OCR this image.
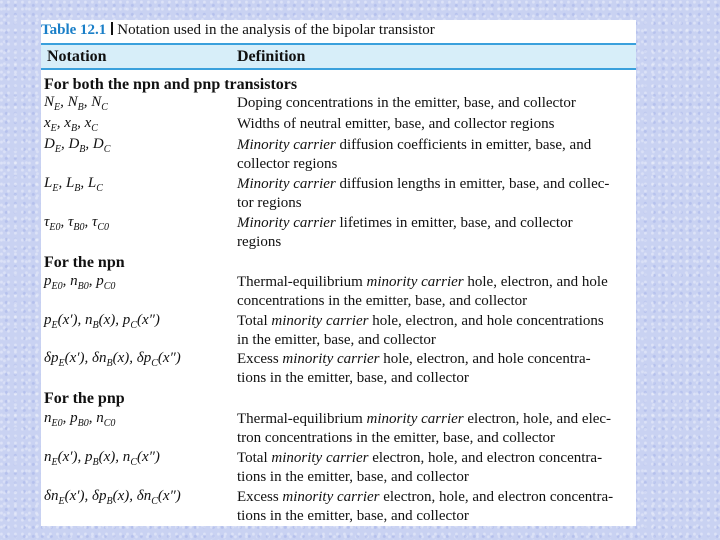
Table 12.1 Notation used in the analysis of the bipolar transistor
Notation	Definition
For both the npn and pnp transistors
$N_E$, $N_B$, $N_C$	Doping concentrations in the emitter, base, and collector
$x_E$, $x_B$, $x_C$	Widths of neutral emitter, base, and collector regions
$D_E$, $D_B$, $D_C$	Minority carrier diffusion coefficients in emitter, base, and
collector regions
$L_E$, $L_B$, $L_C$	Minority carrier diffusion lengths in emitter, base, and collec-
tor regions
$\tau_{E0}$, $\tau_{B0}$, $\tau_{C0}$	Minority carrier lifetimes in emitter, base, and collector
regions
For the npn
$p_{E0}$, $n_{B0}$, $p_{C0}$	Thermal-equilibrium minority carrier hole, electron, and hole
concentrations in the emitter, base, and collector
$p_E(x')$, $n_B(x)$, $p_C(x'')$	Total minority carrier hole, electron, and hole concentrations
in the emitter, base, and collector
$\delta p_E(x')$, $\delta n_B(x)$, $\delta p_C(x'')$	Excess minority carrier hole, electron, and hole concentra-
tions in the emitter, base, and collector
For the pnp
$n_{E0}$, $p_{B0}$, $n_{C0}$	Thermal-equilibrium minority carrier electron, hole, and elec-
tron concentrations in the emitter, base, and collector
$n_E(x')$, $p_B(x)$, $n_C(x'')$	Total minority carrier electron, hole, and electron concentra-
tions in the emitter, base, and collector
$\delta n_E(x')$, $\delta p_B(x)$, $\delta n_C(x'')$	Excess minority carrier electron, hole, and electron concentra-
tions in the emitter, base, and collector
